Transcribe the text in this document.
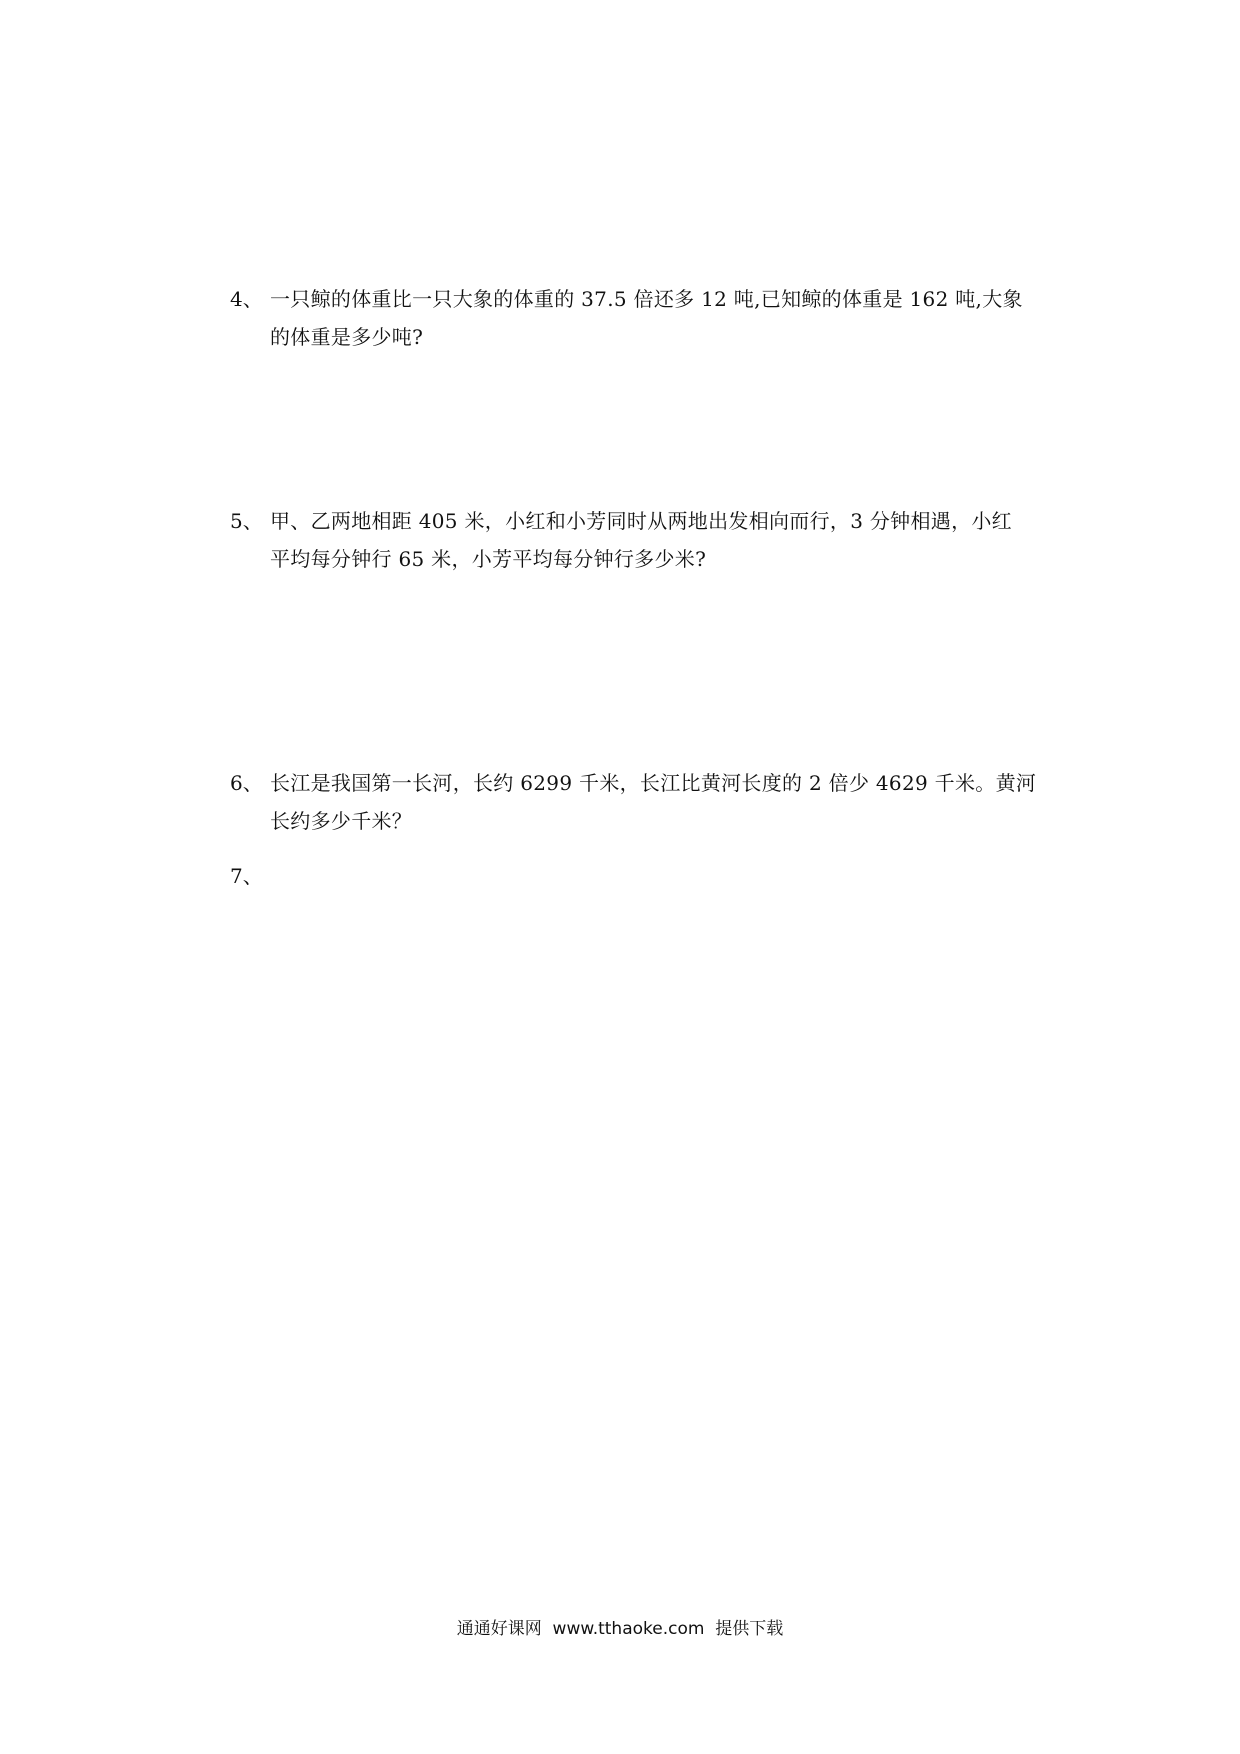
4、 一只鲸的体重比一只大象的体重的 37.5 倍还多 12 吨,已知鲸的体重是 162 吨,大象
的体重是多少吨?
5、 甲、乙两地相距 405 米，小红和小芳同时从两地出发相向而行，3 分钟相遇，小红
平均每分钟行 65 米，小芳平均每分钟行多少米?
6、 长江是我国第一长河，长约 6299 千米，长江比黄河长度的 2 倍少 4629 千米。黄河
长约多少千米？
7、
通通好课网  www.tthaoke.com  提供下载
